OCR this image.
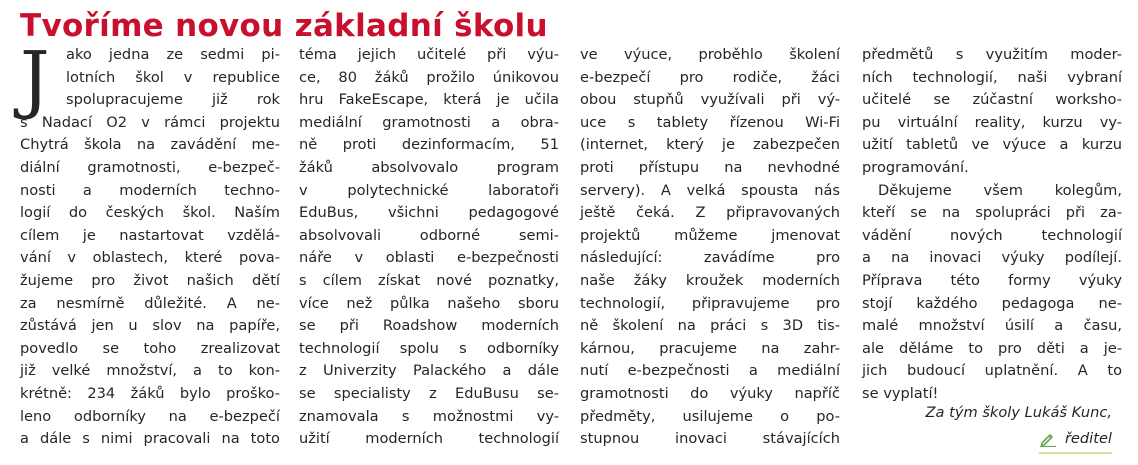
Tvoříme novou základní školu
J ako jedna ze sedmi pi-
lotních škol v republice
spolupracujeme již rok
s Nadací O2 v rámci projektu
Chytrá škola na zavádění me-
diální gramotnosti, e-bezpeč-
nosti a moderních techno-
logií do českých škol. Naším
cílem je nastartovat vzdělá-
vání v oblastech, které pova-
žujeme pro život našich dětí
za nesmírně důležité. A ne-
zůstává jen u slov na papíře,
povedlo se toho zrealizovat
již velké množství, a to kon-
krétně: 234 žáků bylo proško-
leno odborníky na e-bezpečí
a dále s nimi pracovali na toto
téma jejich učitelé při výu-
ce, 80 žáků prožilo únikovou
hru FakeEscape, která je učila
mediální gramotnosti a obra-
ně proti dezinformacím, 51
žáků absolvovalo program
v polytechnické laboratoři
EduBus, všichni pedagogové
absolvovali odborné semi-
náře v oblasti e-bezpečnosti
s cílem získat nové poznatky,
více než půlka našeho sboru
se při Roadshow moderních
technologií spolu s odborníky
z Univerzity Palackého a dále
se specialisty z EduBusu se-
znamovala s možnostmi vy-
užití moderních technologií
ve výuce, proběhlo školení
e-bezpečí pro rodiče, žáci
obou stupňů využívali při vý-
uce s tablety řízenou Wi-Fi
(internet, který je zabezpečen
proti přístupu na nevhodné
servery). A velká spousta nás
ještě čeká. Z připravovaných
projektů můžeme jmenovat
následující: zavádíme pro
naše žáky kroužek moderních
technologií, připravujeme pro
ně školení na práci s 3D tis-
kárnou, pracujeme na zahr-
nutí e-bezpečnosti a mediální
gramotnosti do výuky napříč
předměty, usilujeme o po-
stupnou inovaci stávajících
předmětů s využitím moder-
ních technologií, naši vybraní
učitelé se zúčastní worksho-
pu virtuální reality, kurzu vy-
užití tabletů ve výuce a kurzu
programování.
Děkujeme všem kolegům,
kteří se na spolupráci při za-
vádění nových technologií
a na inovaci výuky podílejí.
Příprava této formy výuky
stojí každého pedagoga ne-
malé množství úsilí a času,
ale děláme to pro děti a je-
jich budoucí uplatnění. A to
se vyplatí!
Za tým školy Lukáš Kunc,
ředitel
